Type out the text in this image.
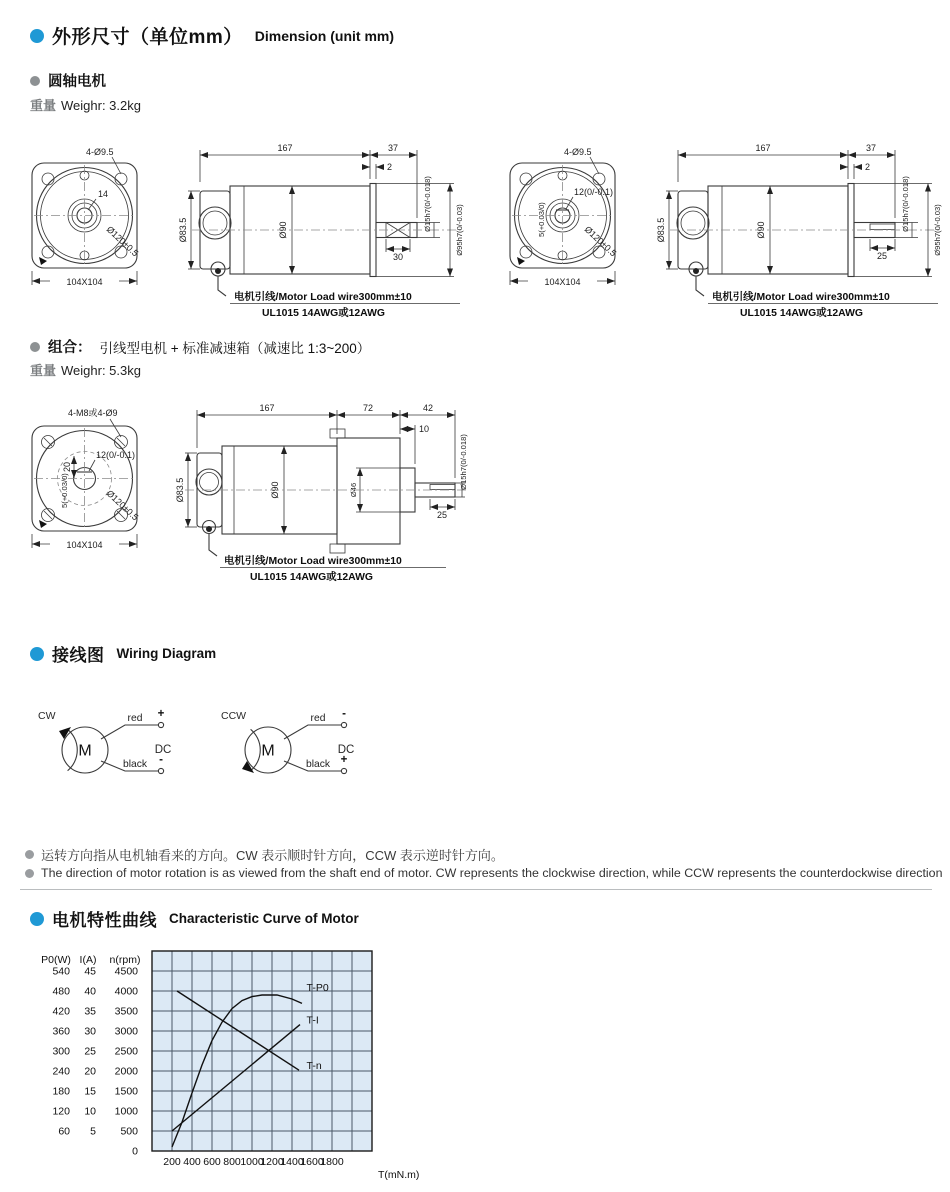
外形尺寸（单位mm） Dimension (unit mm)
圆轴电机
重量 Weighr: 3.2kg
4-Ø9.5
14
Ø120±0.5
104X104
167	37
2
30
Ø83.5	Ø90	Ø15h7(0/-0.018)	Ø95h7(0/-0.03)
电机引线/Motor Load wire300mm±10
UL1015 14AWG或12AWG
4-Ø9.5
12(0/-0.1)
5(+0.03/0)
Ø120±0.5
104X104
167	37
2
25
Ø83.5	Ø90	Ø15h7(0/-0.018)	Ø95h7(0/-0.03)
电机引线/Motor Load wire300mm±10
UL1015 14AWG或12AWG
组合： 引线型电机 + 标准减速箱（减速比 1:3~200）
重量 Weighr: 5.3kg
4-M8或4-Ø9
12(0/-0.1)
20
5(+0.03/0)	Ø120±0.5
104X104
167	72	42
10
25
Ø83.5	Ø90	Ø46
Ø15h7(0/-0.018)
电机引线/Motor Load wire300mm±10
UL1015 14AWG或12AWG
接线图 Wiring Diagram
CW
M
red
black
+
-
DC
CCW
M
red
black
-
+
DC
运转方向指从电机轴看来的方向。CW 表示顺时针方向，CCW 表示逆时针方向。
The direction of motor rotation is as viewed from the shaft end of motor. CW represents the clockwise direction, while CCW represents the counterdockwise direction
电机特性曲线 Characteristic Curve of Motor
P0(W)
540
480
420
360
300
240
180
120
60
I(A)
45
40
35
30
25
20
15
10
5
n(rpm)
4500
4000
3500
3000
2500
2000
1500
1000
500
0
200 400 600 800 1000
1200
1400
1600
1800
T(mN.m)
T-P0
T-I
T-n
